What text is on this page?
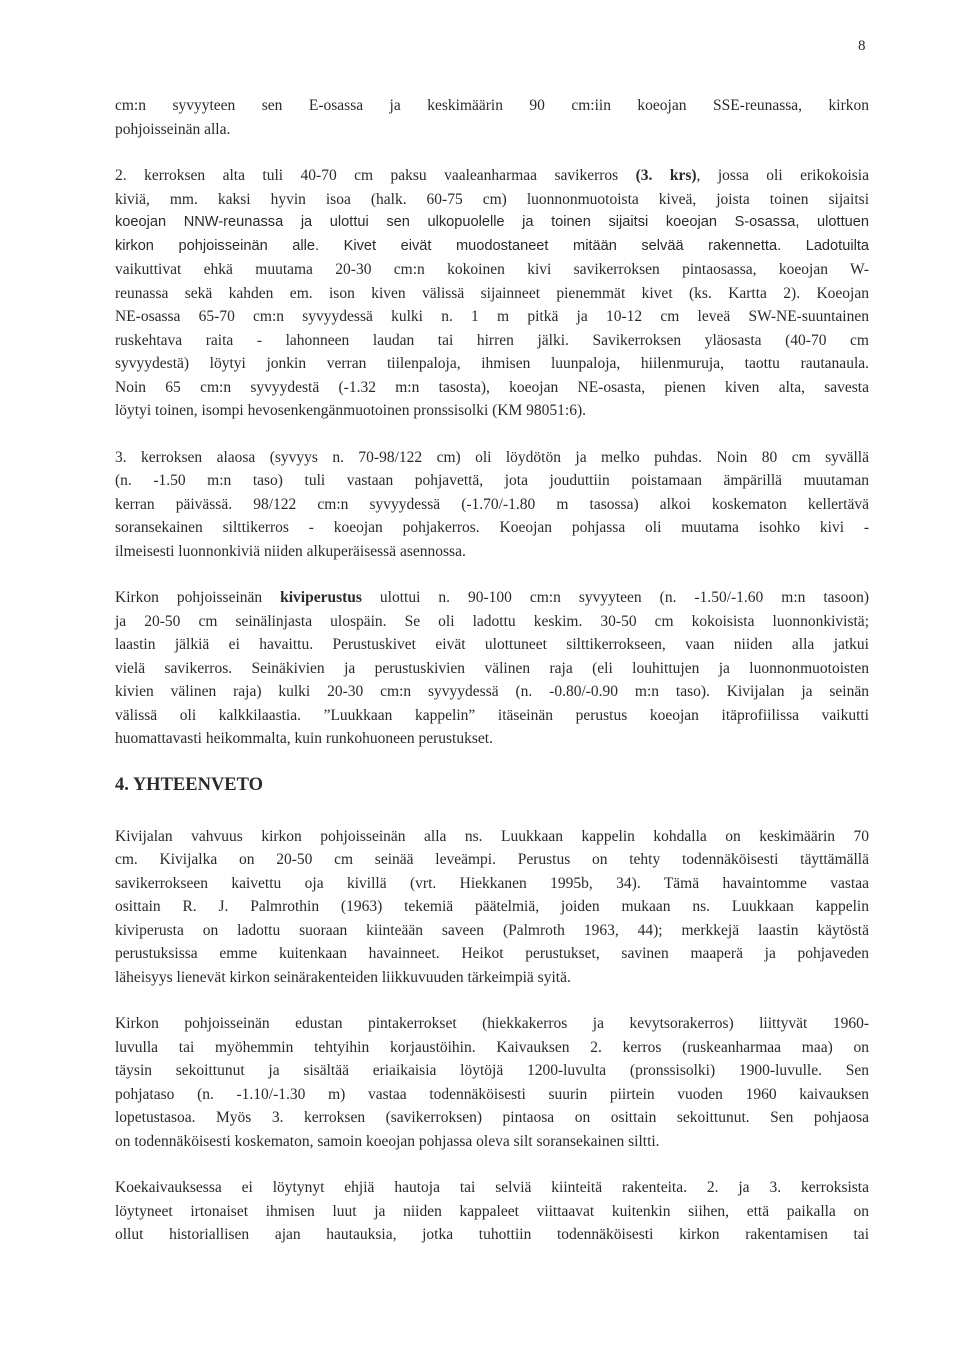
8

cm:n syvyyteen sen E-osassa ja keskimäärin 90 cm:iin koeojan SSE-reunassa, kirkon
pohjoisseinän alla.

2. kerroksen alta tuli 40-70 cm paksu vaaleanharmaa savikerros (3. krs), jossa oli erikokoisia
kiviä, mm. kaksi hyvin isoa (halk. 60-75 cm) luonnonmuotoista kiveä, joista toinen sijaitsi
koeojan NNW-reunassa ja ulottui sen ulkopuolelle ja toinen sijaitsi koeojan S-osassa, ulottuen
kirkon pohjoisseinän alle. Kivet eivät muodostaneet mitään selvää rakennetta. Ladotuilta
vaikuttivat ehkä muutama 20-30 cm:n kokoinen kivi savikerroksen pintaosassa, koeojan W-
reunassa sekä kahden em. ison kiven välissä sijainneet pienemmät kivet (ks. Kartta 2). Koeojan
NE-osassa 65-70 cm:n syvyydessä kulki n. 1 m pitkä ja 10-12 cm leveä SW-NE-suuntainen
ruskehtava raita - lahonneen laudan tai hirren jälki. Savikerroksen yläosasta (40-70 cm
syvyydestä) löytyi jonkin verran tiilenpaloja, ihmisen luunpaloja, hiilenmuruja, taottu rautanaula.
Noin 65 cm:n syvyydestä (-1.32 m:n tasosta), koeojan NE-osasta, pienen kiven alta, savesta
löytyi toinen, isompi hevosenkengänmuotoinen pronssisolki (KM 98051:6).

3. kerroksen alaosa (syvyys n. 70-98/122 cm) oli löydötön ja melko puhdas. Noin 80 cm syvällä
(n. -1.50 m:n taso) tuli vastaan pohjavettä, jota jouduttiin poistamaan ämpärillä muutaman
kerran päivässä. 98/122 cm:n syvyydessä (-1.70/-1.80 m tasossa) alkoi koskematon kellertävä
soransekainen silttikerros - koeojan pohjakerros. Koeojan pohjassa oli muutama isohko kivi -
ilmeisesti luonnonkiviä niiden alkuperäisessä asennossa.

Kirkon pohjoisseinän kiviperustus ulottui n. 90-100 cm:n syvyyteen (n. -1.50/-1.60 m:n tasoon)
ja 20-50 cm seinälinjasta ulospäin. Se oli ladottu keskim. 30-50 cm kokoisista luonnonkivistä;
laastin jälkiä ei havaittu. Perustuskivet eivät ulottuneet silttikerrokseen, vaan niiden alla jatkui
vielä savikerros. Seinäkivien ja perustuskivien välinen raja (eli louhittujen ja luonnonmuotoisten
kivien välinen raja) kulki 20-30 cm:n syvyydessä (n. -0.80/-0.90 m:n taso). Kivijalan ja seinän
välissä oli kalkkilaastia. ”Luukkaan kappelin” itäseinän perustus koeojan itäprofiilissa vaikutti
huomattavasti heikommalta, kuin runkohuoneen perustukset.

4. YHTEENVETO

Kivijalan vahvuus kirkon pohjoisseinän alla ns. Luukkaan kappelin kohdalla on keskimäärin 70
cm. Kivijalka on 20-50 cm seinää leveämpi. Perustus on tehty todennäköisesti täyttämällä
savikerrokseen kaivettu oja kivillä (vrt. Hiekkanen 1995b, 34). Tämä havaintomme vastaa
osittain R. J. Palmrothin (1963) tekemiä päätelmiä, joiden mukaan ns. Luukkaan kappelin
kiviperusta on ladottu suoraan kiinteään saveen (Palmroth 1963, 44); merkkejä laastin käytöstä
perustuksissa emme kuitenkaan havainneet. Heikot perustukset, savinen maaperä ja pohjaveden
läheisyys lienevät kirkon seinärakenteiden liikkuvuuden tärkeimpiä syitä.

Kirkon pohjoisseinän edustan pintakerrokset (hiekkakerros ja kevytsorakerros) liittyvät 1960-
luvulla tai myöhemmin tehtyihin korjaustöihin. Kaivauksen 2. kerros (ruskeanharmaa maa) on
täysin sekoittunut ja sisältää eriaikaisia löytöjä 1200-luvulta (pronssisolki) 1900-luvulle. Sen
pohjataso (n. -1.10/-1.30 m) vastaa todennäköisesti suurin piirtein vuoden 1960 kaivauksen
lopetustasoa. Myös 3. kerroksen (savikerroksen) pintaosa on osittain sekoittunut. Sen pohjaosa
on todennäköisesti koskematon, samoin koeojan pohjassa oleva silt soransekainen siltti.

Koekaivauksessa ei löytynyt ehjiä hautoja tai selviä kiinteitä rakenteita. 2. ja 3. kerroksista
löytyneet irtonaiset ihmisen luut ja niiden kappaleet viittaavat kuitenkin siihen, että paikalla on
ollut historiallisen ajan hautauksia, jotka tuhottiin todennäköisesti kirkon rakentamisen tai
